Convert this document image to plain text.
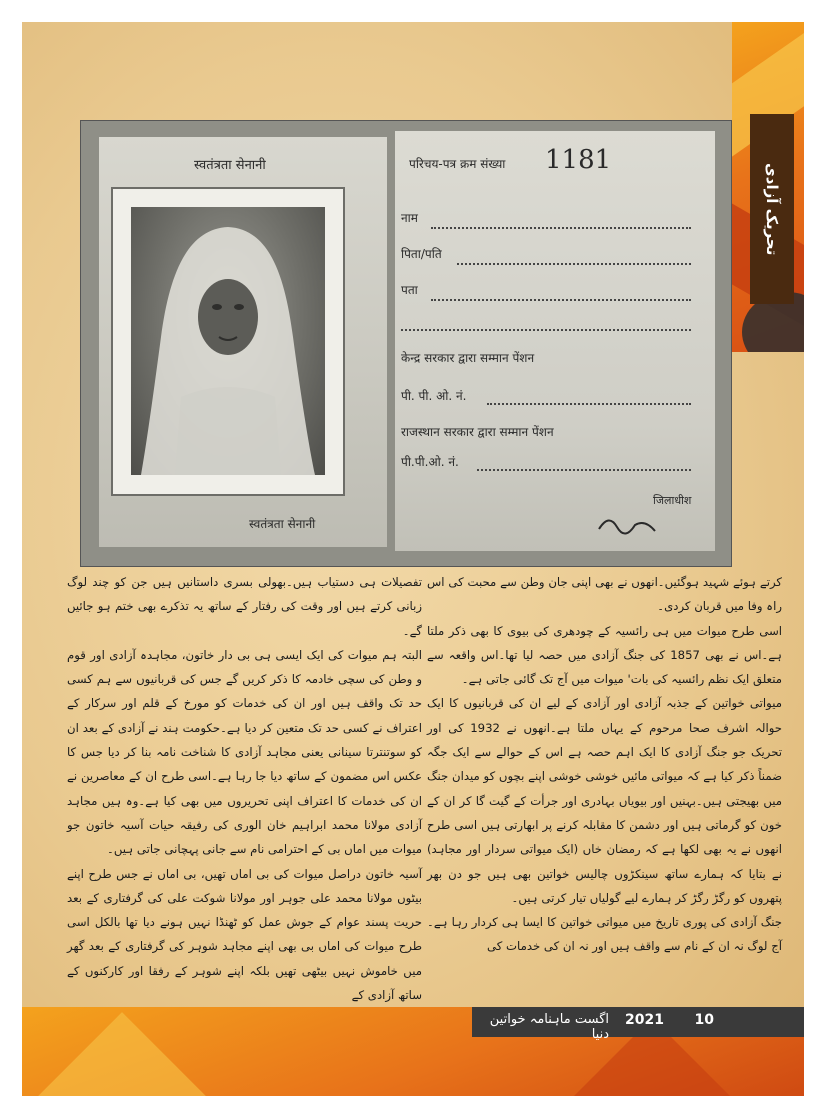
تحریک آزادی
स्वतंत्रता सेनानी
स्वतंत्रता सेनानी
परिचय-पत्र क्रम संख्या 1181
नाम
पिता/पति
पता
केन्द्र सरकार द्वारा सम्मान पेंशन
पी. पी. ओ. नं.
राजस्थान सरकार द्वारा सम्मान पेंशन
पी.पी.ओ. नं.
जिलाधीश

کرتے ہوئے شہید ہوگئیں۔انھوں نے بھی اپنی جان وطن سے محبت کی اس راہ وفا میں قربان کردی۔

اسی طرح میوات میں ہی رائسیہ کے چودھری کی بیوی کا بھی ذکر ملتا ہے۔اس نے بھی 1857 کی جنگ آزادی میں حصہ لیا تھا۔اس واقعہ سے متعلق ایک نظم رائسیہ کی بات' میوات میں آج تک گائی جاتی ہے۔

میواتی خواتین کے جذبہ آزادی اور آزادی کے لیے ان کی قربانیوں کا ایک حوالہ اشرف صحا مرحوم کے یہاں ملتا ہے۔انھوں نے 1932 کی اور تحریک جو جنگ آزادی کا ایک اہم حصہ ہے اس کے حوالے سے ایک جگہ ضمناً ذکر کیا ہے کہ میواتی مائیں خوشی خوشی اپنے بچوں کو میدان جنگ میں بھیجتی ہیں۔بہنیں اور بیویاں بہادری اور جرأت کے گیت گا کر ان کے خون کو گرماتی ہیں اور دشمن کا مقابلہ کرنے پر ابھارتی ہیں اسی طرح انھوں نے یہ بھی لکھا ہے کہ رمضان خاں (ایک میواتی سردار اور مجاہد) نے بتایا کہ ہمارے ساتھ سینکڑوں چالیس خواتین بھی ہیں جو دن بھر پتھروں کو رگڑ رگڑ کر ہمارے لیے گولیاں تیار کرتی ہیں۔

جنگ آزادی کی پوری تاریخ میں میواتی خواتین کا ایسا ہی کردار رہا ہے۔آج لوگ نہ ان کے نام سے واقف ہیں اور نہ ان کی خدمات کی

تفصیلات ہی دستیاب ہیں۔بھولی بسری داستانیں ہیں جن کو چند لوگ زبانی کرتے ہیں اور وقت کی رفتار کے ساتھ یہ تذکرے بھی ختم ہو جائیں گے۔

البتہ ہم میوات کی ایک ایسی ہی بی دار خاتون، مجاہدہ آزادی اور قوم و وطن کی سچی خادمہ کا ذکر کریں گے جس کی قربانیوں سے ہم کسی حد تک واقف ہیں اور ان کی خدمات کو مورخ کے قلم اور سرکار کے اعتراف نے کسی حد تک متعین کر دیا ہے۔حکومت ہند نے آزادی کے بعد ان کو سوتنترتا سینانی یعنی مجاہد آزادی کا شناخت نامہ بنا کر دیا جس کا عکس اس مضمون کے ساتھ دیا جا رہا ہے۔اسی طرح ان کے معاصرین نے ان کی خدمات کا اعتراف اپنی تحریروں میں بھی کیا ہے۔وہ ہیں مجاہد آزادی مولانا محمد ابراہیم خان الوری کی رفیقہ حیات آسیہ خاتون جو میوات میں اماں بی کے احترامی نام سے جانی پہچانی جاتی ہیں۔

آسیہ خاتون دراصل میوات کی بی اماں تھیں، بی اماں نے جس طرح اپنے بیٹوں مولانا محمد علی جوہر اور مولانا شوکت علی کی گرفتاری کے بعد حریت پسند عوام کے جوش عمل کو ٹھنڈا نہیں ہونے دیا تھا بالکل اسی طرح میوات کی اماں بی بھی اپنے مجاہد شوہر کی گرفتاری کے بعد گھر میں خاموش نہیں بیٹھی تھیں بلکہ اپنے شوہر کے رفقا اور کارکنوں کے ساتھ آزادی کے

10
2021
اگست ماہنامہ خواتین دنیا
